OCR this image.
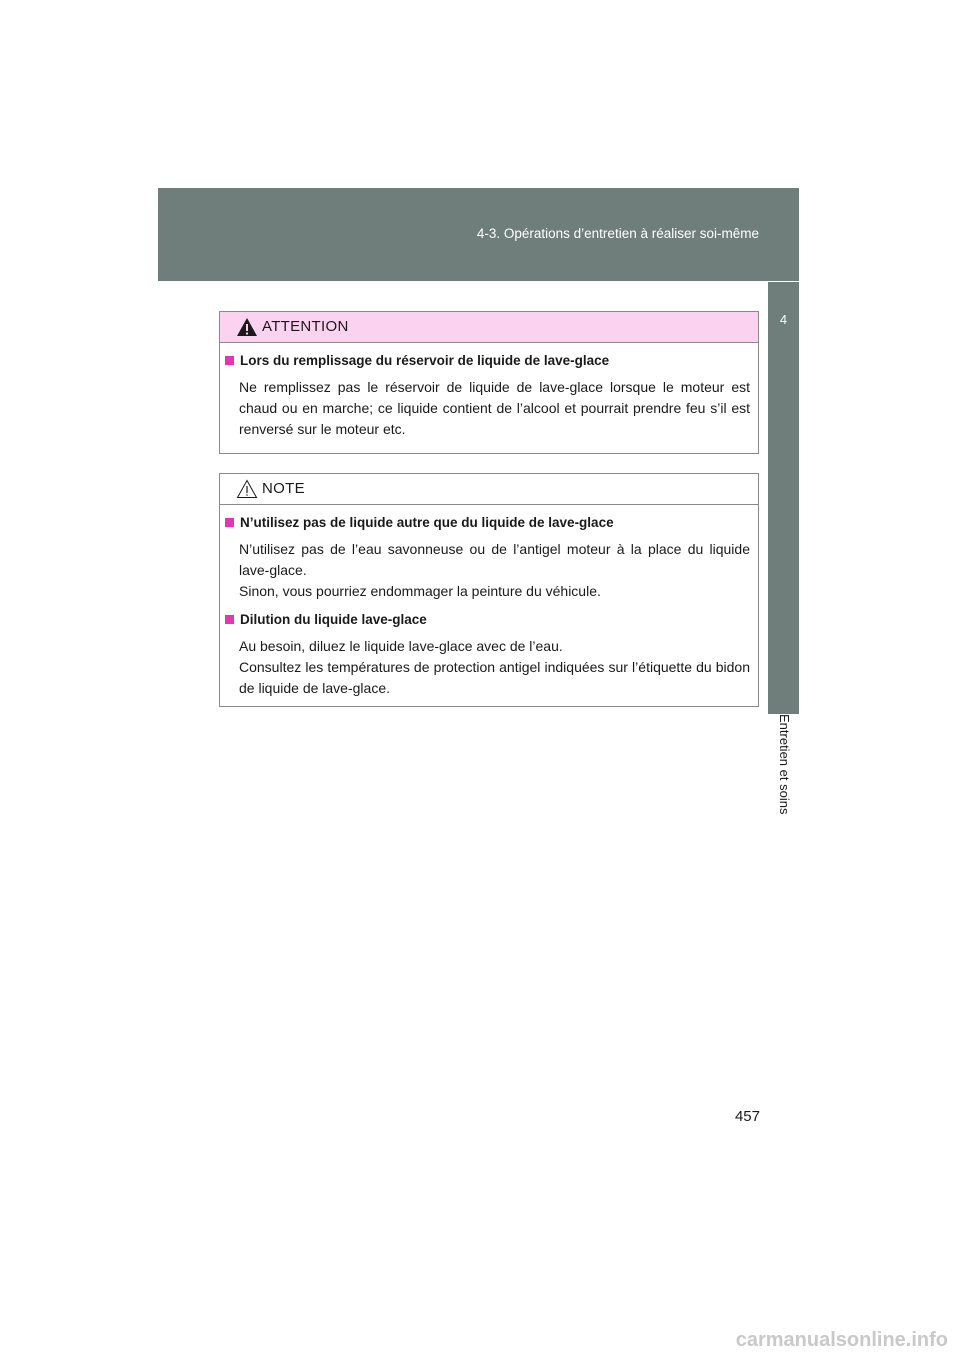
4-3. Opérations d’entretien à réaliser soi-même
4
Entretien et soins
ATTENTION
Lors du remplissage du réservoir de liquide de lave-glace

Ne remplissez pas le réservoir de liquide de lave-glace lorsque le moteur est chaud ou en marche; ce liquide contient de l’alcool et pourrait prendre feu s’il est renversé sur le moteur etc.

NOTE
N’utilisez pas de liquide autre que du liquide de lave-glace

N’utilisez pas de l’eau savonneuse ou de l’antigel moteur à la place du liquide lave-glace.

Sinon, vous pourriez endommager la peinture du véhicule.

Dilution du liquide lave-glace

Au besoin, diluez le liquide lave-glace avec de l’eau.

Consultez les températures de protection antigel indiquées sur l’étiquette du bidon de liquide de lave-glace.

457
carmanualsonline.info
